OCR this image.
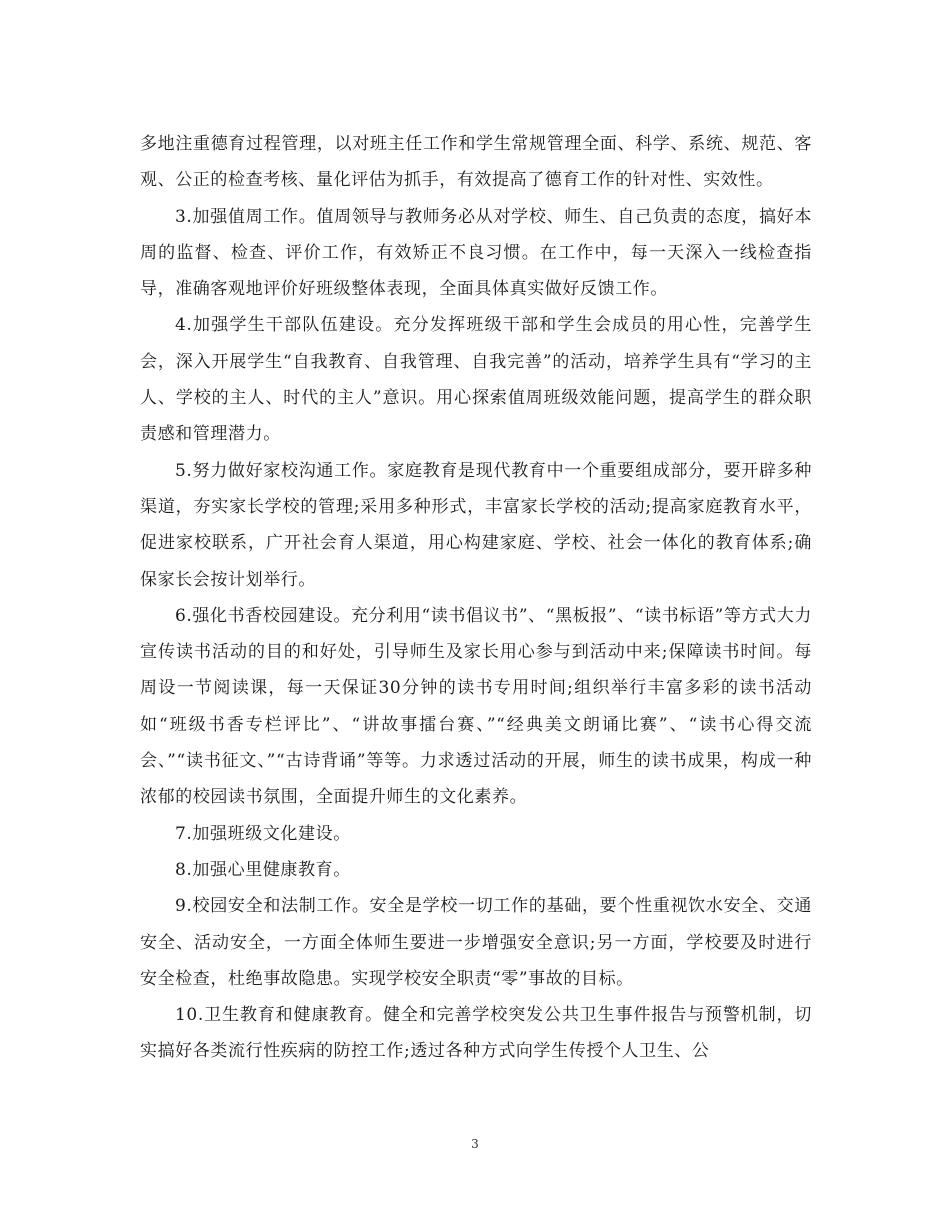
多地注重德育过程管理，以对班主任工作和学生常规管理全面、科学、系统、规范、客观、公正的检查考核、量化评估为抓手，有效提高了德育工作的针对性、实效性。

3.加强值周工作。值周领导与教师务必从对学校、师生、自己负责的态度，搞好本周的监督、检查、评价工作，有效矫正不良习惯。在工作中，每一天深入一线检查指导，准确客观地评价好班级整体表现，全面具体真实做好反馈工作。

4.加强学生干部队伍建设。充分发挥班级干部和学生会成员的用心性，完善学生会，深入开展学生“自我教育、自我管理、自我完善”的活动，培养学生具有“学习的主人、学校的主人、时代的主人”意识。用心探索值周班级效能问题，提高学生的群众职责感和管理潜力。

5.努力做好家校沟通工作。家庭教育是现代教育中一个重要组成部分，要开辟多种渠道，夯实家长学校的管理;采用多种形式，丰富家长学校的活动;提高家庭教育水平，促进家校联系，广开社会育人渠道，用心构建家庭、学校、社会一体化的教育体系;确保家长会按计划举行。

6.强化书香校园建设。充分利用“读书倡议书”、“黑板报”、“读书标语”等方式大力宣传读书活动的目的和好处，引导师生及家长用心参与到活动中来;保障读书时间。每周设一节阅读课，每一天保证30分钟的读书专用时间;组织举行丰富多彩的读书活动如“班级书香专栏评比”、“讲故事擂台赛、”“经典美文朗诵比赛”、“读书心得交流会、”“读书征文、”“古诗背诵”等等。力求透过活动的开展，师生的读书成果，构成一种浓郁的校园读书氛围，全面提升师生的文化素养。

7.加强班级文化建设。

8.加强心里健康教育。

9.校园安全和法制工作。安全是学校一切工作的基础，要个性重视饮水安全、交通安全、活动安全，一方面全体师生要进一步增强安全意识;另一方面，学校要及时进行安全检查，杜绝事故隐患。实现学校安全职责“零”事故的目标。

10.卫生教育和健康教育。健全和完善学校突发公共卫生事件报告与预警机制，切实搞好各类流行性疾病的防控工作;透过各种方式向学生传授个人卫生、公

3
